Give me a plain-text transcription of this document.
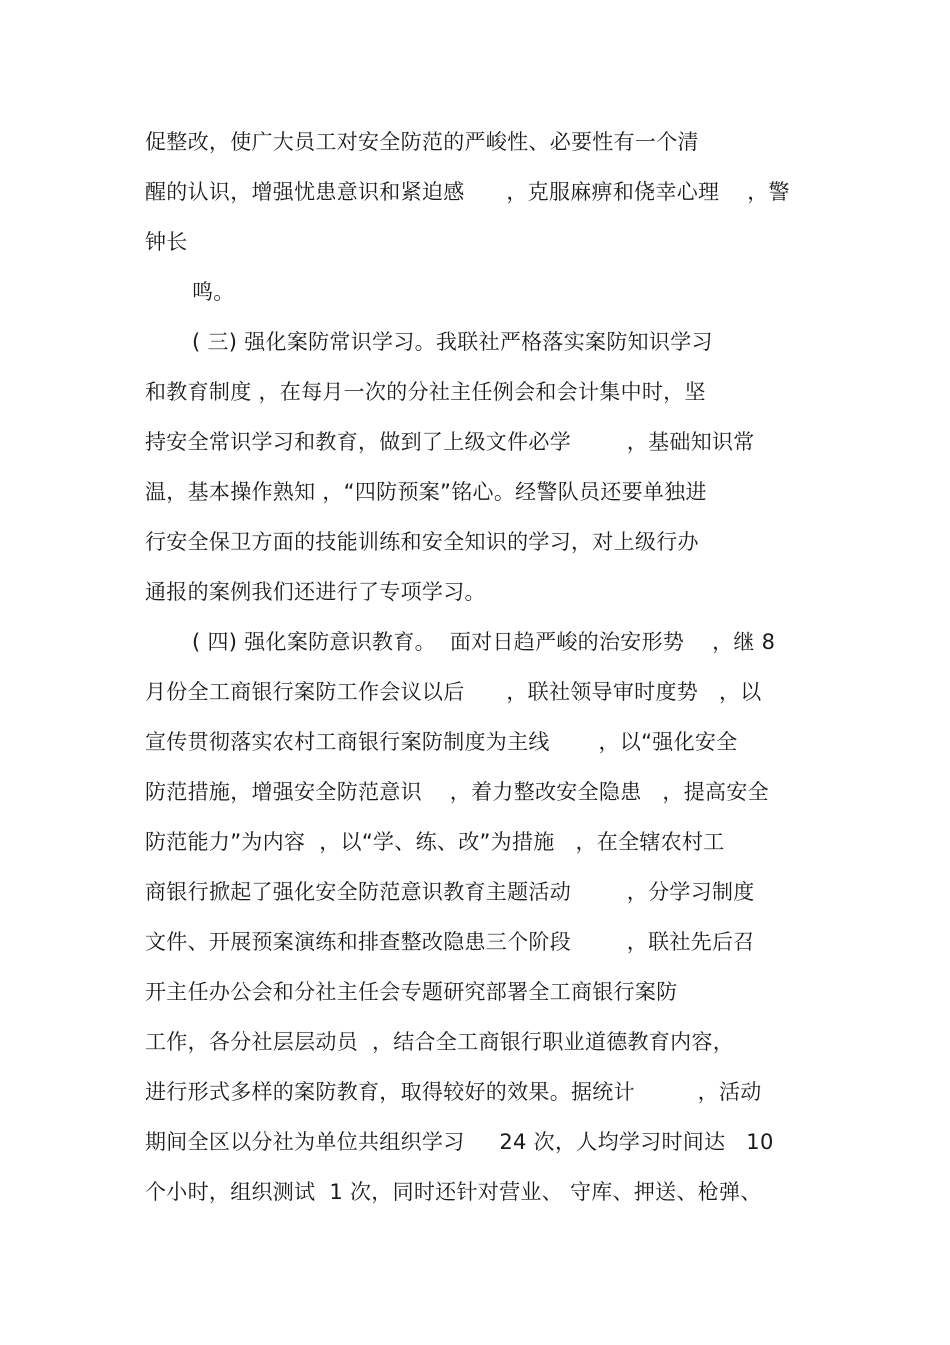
促整改，使广大员工对安全防范的严峻性、必要性有一个清
醒的认识，增强忧患意识和紧迫感      ，克服麻痹和侥幸心理    ，警
钟长
鸣。
( 三) 强化案防常识学习。我联社严格落实案防知识学习
和教育制度 ，在每月一次的分社主任例会和会计集中时，坚
持安全常识学习和教育，做到了上级文件必学        ，基础知识常
温，基本操作熟知 ，“四防预案”铭心。经警队员还要单独进
行安全保卫方面的技能训练和安全知识的学习，对上级行办
通报的案例我们还进行了专项学习。
( 四) 强化案防意识教育。  面对日趋严峻的治安形势    ，继 8
月份全工商银行案防工作会议以后      ，联社领导审时度势   ，以
宣传贯彻落实农村工商银行案防制度为主线       ，以“强化安全
防范措施，增强安全防范意识    ，着力整改安全隐患   ，提高安全
防范能力”为内容  ，以“学、练、改”为措施   ，在全辖农村工
商银行掀起了强化安全防范意识教育主题活动        ，分学习制度
文件、开展预案演练和排查整改隐患三个阶段        ，联社先后召
开主任办公会和分社主任会专题研究部署全工商银行案防
工作，各分社层层动员  ，结合全工商银行职业道德教育内容，
进行形式多样的案防教育，取得较好的效果。据统计         ，活动
期间全区以分社为单位共组织学习     24 次，人均学习时间达   10
个小时，组织测试  1 次，同时还针对营业、 守库、押送、枪弹、
